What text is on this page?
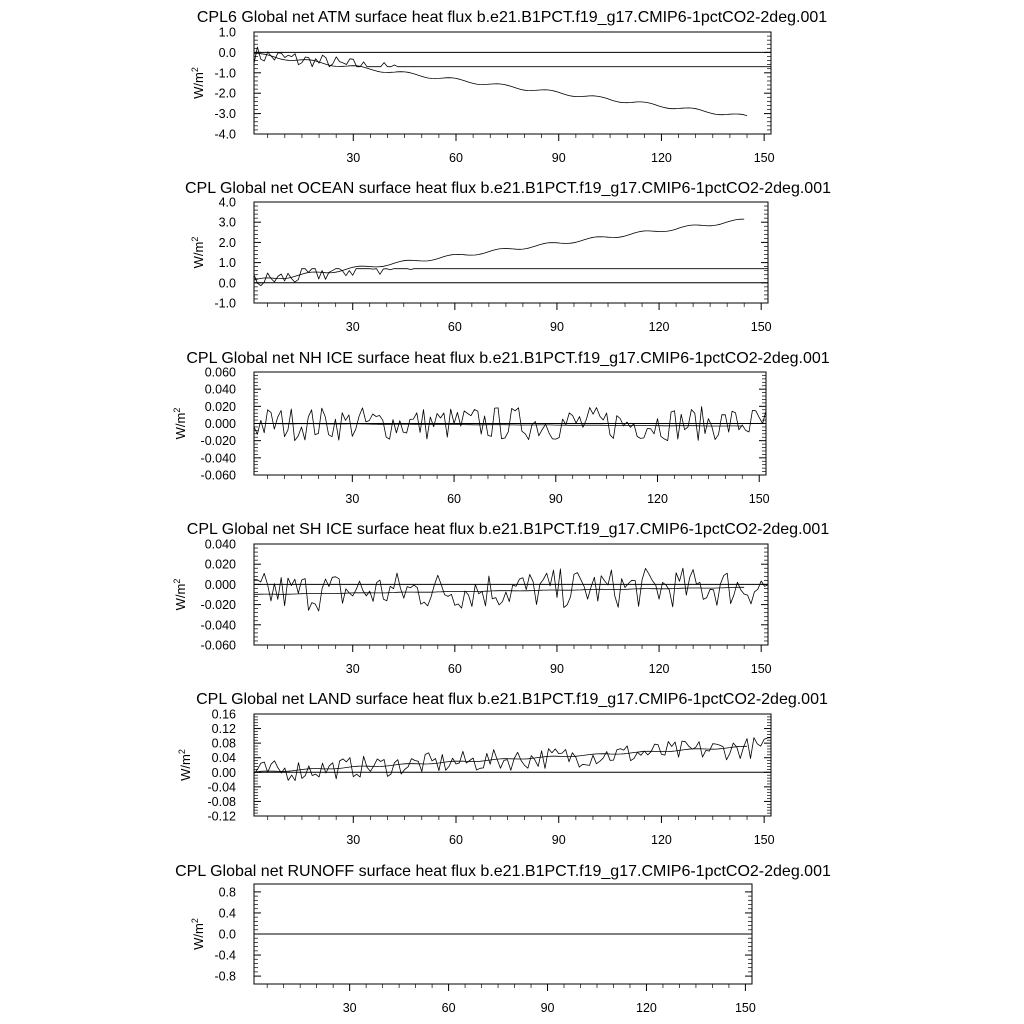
CPL6 Global net ATM surface heat flux b.e21.B1PCT.f19_g17.CMIP6-1pctCO2-2deg.001
$W/m^2$
1.0
0.0
-1.0
-2.0
-3.0
-4.0
30	60	90	120	150
CPL Global net OCEAN surface heat flux b.e21.B1PCT.f19_g17.CMIP6-1pctCO2-2deg.001
$W/m^2$
4.0
3.0
2.0
1.0
0.0
-1.0
30	60	90	120	150
CPL Global net NH ICE surface heat flux b.e21.B1PCT.f19_g17.CMIP6-1pctCO2-2deg.001
$W/m^2$
0.060
0.040
0.020
0.000
-0.020
-0.040
-0.060
30	60	90	120	150
CPL Global net SH ICE surface heat flux b.e21.B1PCT.f19_g17.CMIP6-1pctCO2-2deg.001
$W/m^2$
0.040
0.020
0.000
-0.020
-0.040
-0.060
30	60	90	120	150
CPL Global net LAND surface heat flux b.e21.B1PCT.f19_g17.CMIP6-1pctCO2-2deg.001
$W/m^2$
0.16
0.12
0.08
0.04
0.00
-0.04
-0.08
-0.12
30	60	90	120	150
CPL Global net RUNOFF surface heat flux b.e21.B1PCT.f19_g17.CMIP6-1pctCO2-2deg.001
$W/m^2$
0.8
0.4
0.0
-0.4
-0.8
30	60	90	120	150
